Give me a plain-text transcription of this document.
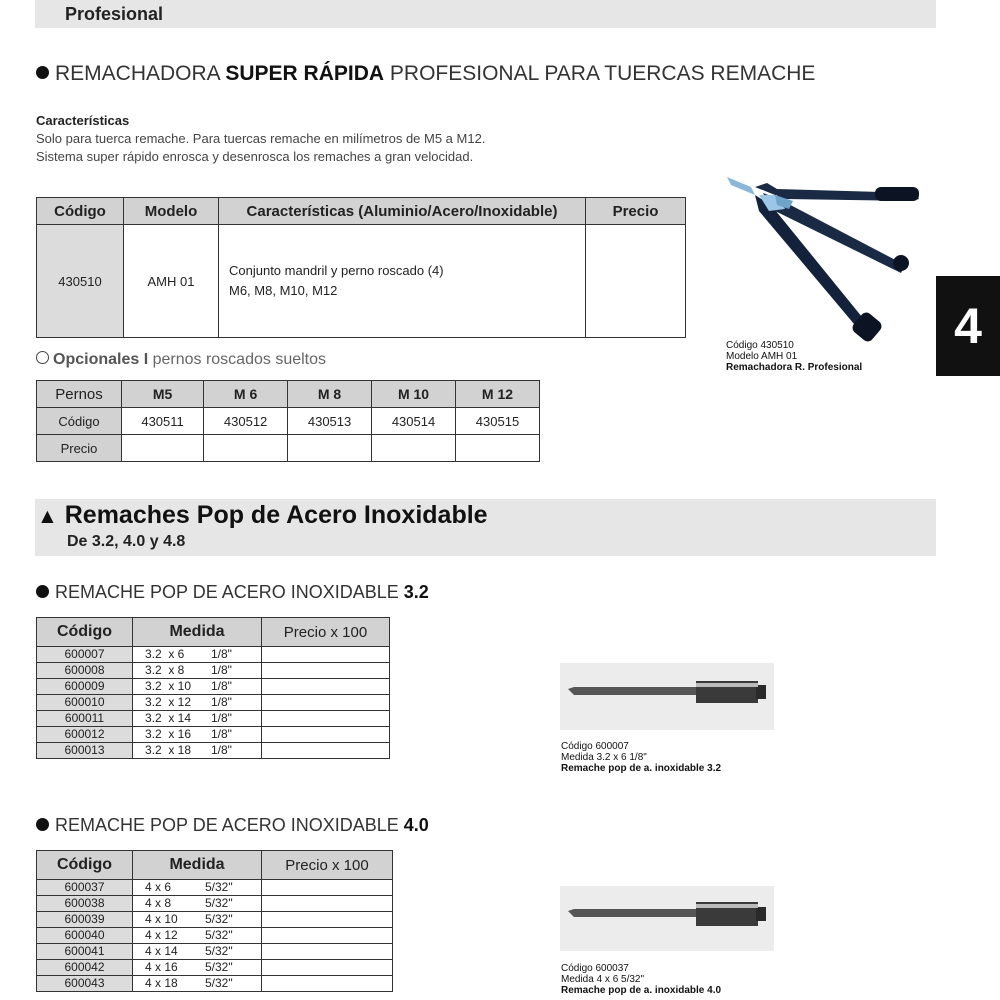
Profesional
REMACHADORA SUPER RÁPIDA PROFESIONAL PARA TUERCAS REMACHE
Características
Solo para tuerca remache. Para tuercas remache en milímetros de M5 a M12.
Sistema super rápido enrosca y desenrosca los remaches a gran velocidad.
Código	Modelo	Características (Aluminio/Acero/Inoxidable)	Precio
430510	AMH 01	Conjunto mandril y perno roscado (4)
M6, M8, M10, M12	

Opcionales I pernos roscados sueltos
Pernos	M5	M 6	M 8	M 10	M 12
Código	430511	430512	430513	430514	430515
Precio					
Código 430510
Modelo AMH 01
Remachadora R. Profesional
4
▲ Remaches Pop de Acero Inoxidable
De 3.2, 4.0 y 4.8
REMACHE POP DE ACERO INOXIDABLE 3.2
Código	Medida	Precio x 100
600007	3.2  x 6 1/8"	
600008	3.2  x 8 1/8"	
600009	3.2  x 10 1/8"	
600010	3.2  x 12 1/8"	
600011	3.2  x 14 1/8"	
600012	3.2  x 16 1/8"	
600013	3.2  x 18 1/8"		Código 600007
Medida 3.2 x 6 1/8"
Remache pop de a. inoxidable 3.2
REMACHE POP DE ACERO INOXIDABLE 4.0
Código	Medida	Precio x 100
600037	4 x 6 5/32"	
600038	4 x 8 5/32"	
600039	4 x 10 5/32"	
600040	4 x 12 5/32"	
600041	4 x 14 5/32"	
600042	4 x 16 5/32"	
600043	4 x 18 5/32"	
Código 600037
Medida 4 x 6 5/32"
Remache pop de a. inoxidable 4.0
